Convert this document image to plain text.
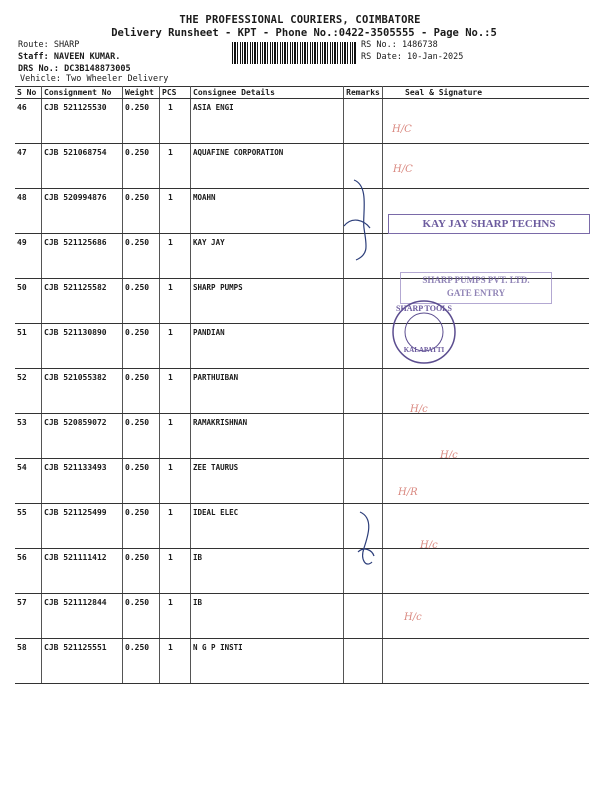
THE PROFESSIONAL COURIERS, COIMBATORE
Delivery Runsheet - KPT - Phone No.:0422-3505555 - Page No.:5
Route: SHARP
Staff: NAVEEN KUMAR.
DRS No.: DC3B148873005
Vehicle: Two Wheeler Delivery
RS No.: 1486738
RS Date: 10-Jan-2025
S No	Consignment No	Weight	PCS	Consignee Details	Remarks	Seal & Signature
46	CJB 521125530	0.250	1	ASIA ENGI		
47	CJB 521068754	0.250	1	AQUAFINE CORPORATION		
48	CJB 520994876	0.250	1	MOAHN		
49	CJB 521125686	0.250	1	KAY JAY		
50	CJB 521125582	0.250	1	SHARP PUMPS		
51	CJB 521130890	0.250	1	PANDIAN		
52	CJB 521055382	0.250	1	PARTHUIBAN		
53	CJB 520859072	0.250	1	RAMAKRISHNAN		
54	CJB 521133493	0.250	1	ZEE TAURUS		
55	CJB 521125499	0.250	1	IDEAL ELEC		
56	CJB 521111412	0.250	1	IB		
57	CJB 521112844	0.250	1	IB		
58	CJB 521125551	0.250	1	N G P INSTI		
H/C
H/C
H/c
H/c
H/R
H/c
H/c
KAY JAY SHARP TECHNS
SHARP PUMPS PVT. LTD.
GATE ENTRY
SHARP TOOLS
KALAPATTI
